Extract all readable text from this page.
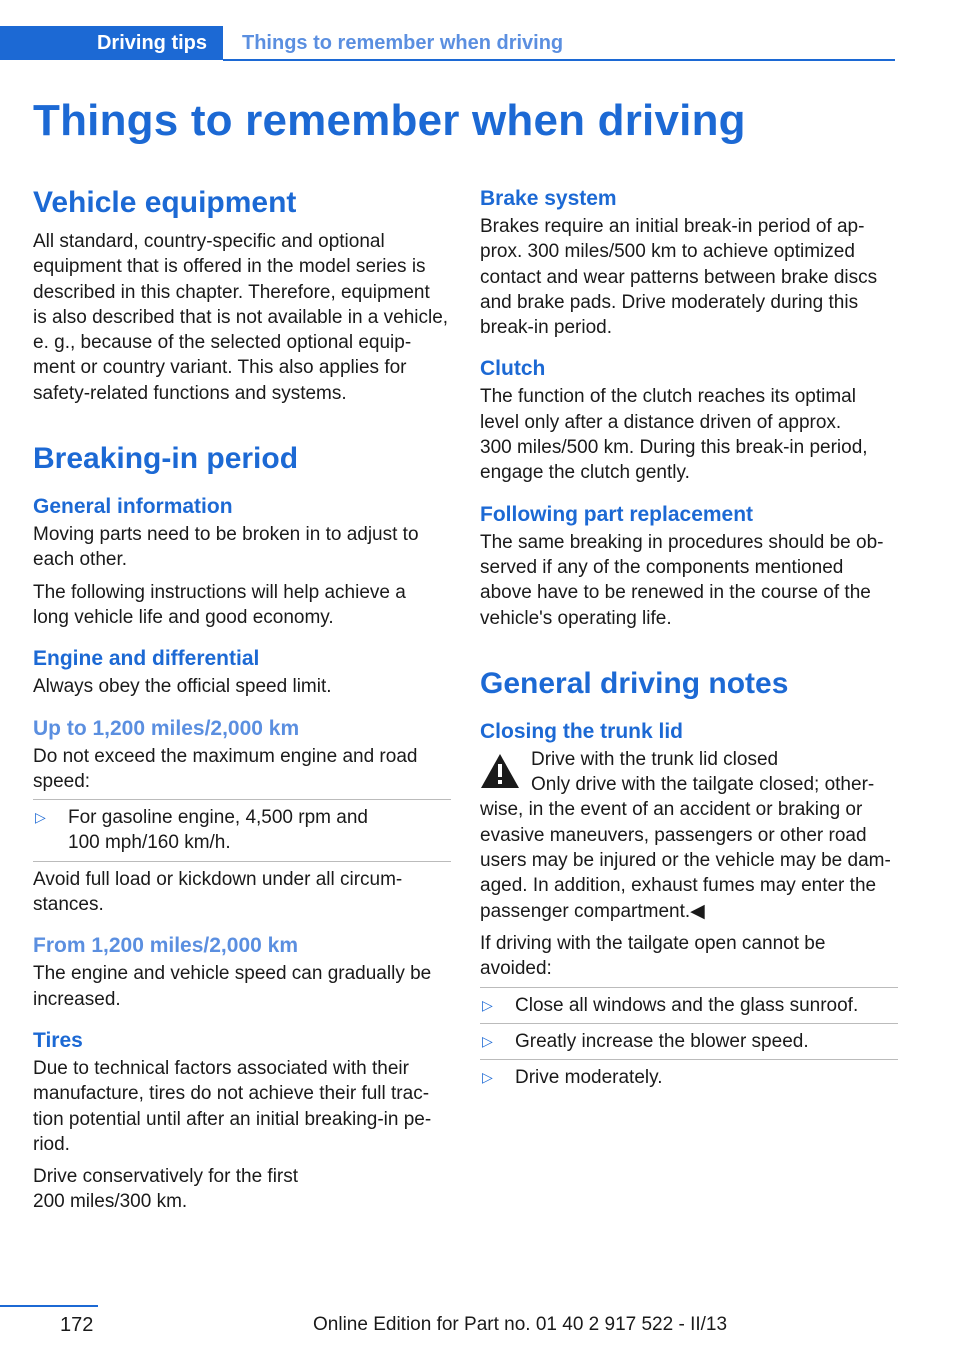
Driving tips Things to remember when driving
Things to remember when driving
Vehicle equipment

All standard, country-specific and optional
equipment that is offered in the model series is
described in this chapter. Therefore, equipment
is also described that is not available in a vehicle,
e. g., because of the selected optional equip-
ment or country variant. This also applies for
safety-related functions and systems.

Breaking-in period
General information

Moving parts need to be broken in to adjust to
each other.

The following instructions will help achieve a
long vehicle life and good economy.

Engine and differential

Always obey the official speed limit.

Up to 1,200 miles/2,000 km

Do not exceed the maximum engine and road
speed:

▷	For gasoline engine, 4,500 rpm and
100 mph/160 km/h.

Avoid full load or kickdown under all circum-
stances.

From 1,200 miles/2,000 km

The engine and vehicle speed can gradually be
increased.

Tires

Due to technical factors associated with their
manufacture, tires do not achieve their full trac-
tion potential until after an initial breaking-in pe-
riod.

Drive conservatively for the first
200 miles/300 km.

Brake system

Brakes require an initial break-in period of ap-
prox. 300 miles/500 km to achieve optimized
contact and wear patterns between brake discs
and brake pads. Drive moderately during this
break-in period.

Clutch

The function of the clutch reaches its optimal
level only after a distance driven of approx.
300 miles/500 km. During this break-in period,
engage the clutch gently.

Following part replacement

The same breaking in procedures should be ob-
served if any of the components mentioned
above have to be renewed in the course of the
vehicle's operating life.

General driving notes
Closing the trunk lid

Drive with the trunk lid closed

Only drive with the tailgate closed; other-
wise, in the event of an accident or braking or
evasive maneuvers, passengers or other road
users may be injured or the vehicle may be dam-
aged. In addition, exhaust fumes may enter the
passenger compartment.◀

If driving with the tailgate open cannot be
avoided:

▷	Close all windows and the glass sunroof.
▷	Greatly increase the blower speed.
▷	Drive moderately.
172	Online Edition for Part no. 01 40 2 917 522 - II/13
